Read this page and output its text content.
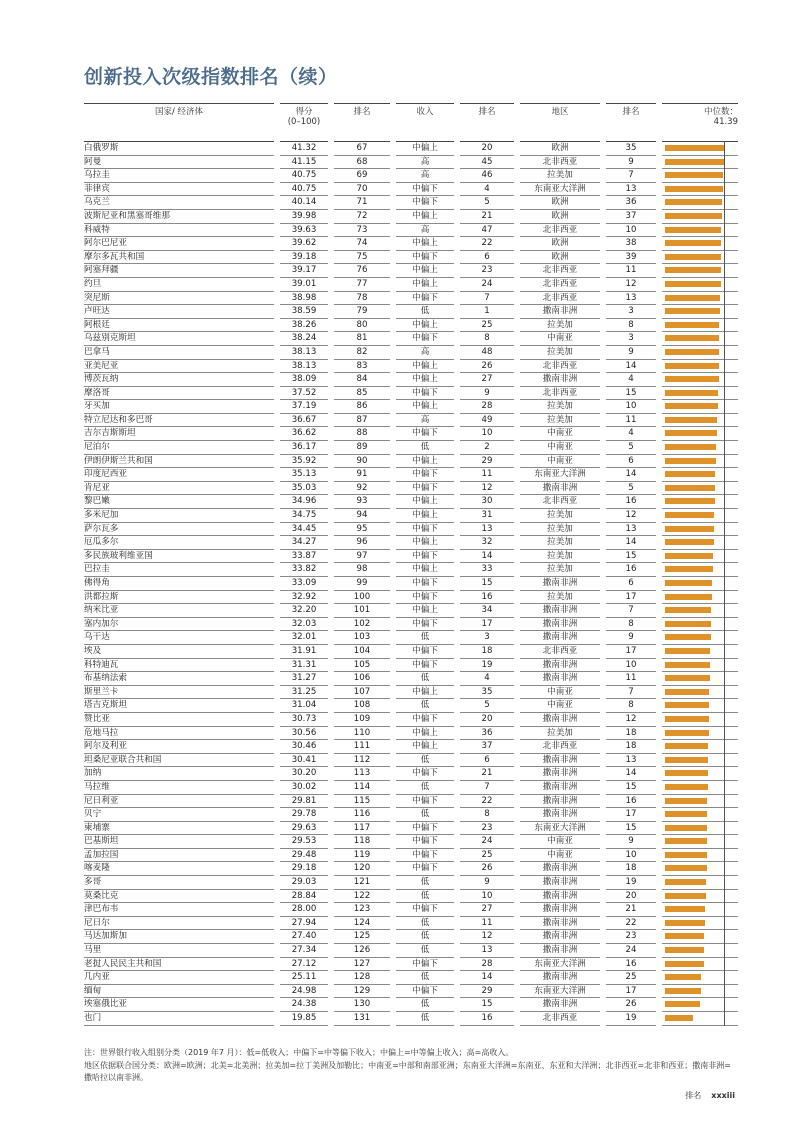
创新投入次级指数排名（续）
国家/ 经济体	得分
(0–100)	排名	收入	排名	地区	排名	中位数：
41.39
白俄罗斯	41.32	67	中偏上	20	欧洲	35	

阿曼	41.15	68	高	45	北非西亚	9	

乌拉圭	40.75	69	高	46	拉美加	7	

菲律宾	40.75	70	中偏下	4	东南亚大洋洲	13	

乌克兰	40.14	71	中偏下	5	欧洲	36	

波斯尼亚和黑塞哥维那	39.98	72	中偏上	21	欧洲	37	

科威特	39.63	73	高	47	北非西亚	10	

阿尔巴尼亚	39.62	74	中偏上	22	欧洲	38	

摩尔多瓦共和国	39.18	75	中偏下	6	欧洲	39	

阿塞拜疆	39.17	76	中偏上	23	北非西亚	11	

约旦	39.01	77	中偏上	24	北非西亚	12	

突尼斯	38.98	78	中偏下	7	北非西亚	13	

卢旺达	38.59	79	低	1	撒南非洲	3	

阿根廷	38.26	80	中偏上	25	拉美加	8	

乌兹别克斯坦	38.24	81	中偏下	8	中南亚	3	

巴拿马	38.13	82	高	48	拉美加	9	

亚美尼亚	38.13	83	中偏上	26	北非西亚	14	

博茨瓦纳	38.09	84	中偏上	27	撒南非洲	4	

摩洛哥	37.52	85	中偏下	9	北非西亚	15	

牙买加	37.19	86	中偏上	28	拉美加	10	

特立尼达和多巴哥	36.67	87	高	49	拉美加	11	

吉尔吉斯斯坦	36.62	88	中偏下	10	中南亚	4	

尼泊尔	36.17	89	低	2	中南亚	5	

伊朗伊斯兰共和国	35.92	90	中偏上	29	中南亚	6	

印度尼西亚	35.13	91	中偏下	11	东南亚大洋洲	14	

肯尼亚	35.03	92	中偏下	12	撒南非洲	5	

黎巴嫩	34.96	93	中偏上	30	北非西亚	16	

多米尼加	34.75	94	中偏上	31	拉美加	12	

萨尔瓦多	34.45	95	中偏下	13	拉美加	13	

厄瓜多尔	34.27	96	中偏上	32	拉美加	14	

多民族玻利维亚国	33.87	97	中偏下	14	拉美加	15	

巴拉圭	33.82	98	中偏上	33	拉美加	16	

佛得角	33.09	99	中偏下	15	撒南非洲	6	

洪都拉斯	32.92	100	中偏下	16	拉美加	17	

纳米比亚	32.20	101	中偏上	34	撒南非洲	7	

塞内加尔	32.03	102	中偏下	17	撒南非洲	8	

乌干达	32.01	103	低	3	撒南非洲	9	

埃及	31.91	104	中偏下	18	北非西亚	17	

科特迪瓦	31.31	105	中偏下	19	撒南非洲	10	

布基纳法索	31.27	106	低	4	撒南非洲	11	

斯里兰卡	31.25	107	中偏上	35	中南亚	7	

塔吉克斯坦	31.04	108	低	5	中南亚	8	

赞比亚	30.73	109	中偏下	20	撒南非洲	12	

危地马拉	30.56	110	中偏上	36	拉美加	18	

阿尔及利亚	30.46	111	中偏上	37	北非西亚	18	

坦桑尼亚联合共和国	30.41	112	低	6	撒南非洲	13	

加纳	30.20	113	中偏下	21	撒南非洲	14	

马拉维	30.02	114	低	7	撒南非洲	15	

尼日利亚	29.81	115	中偏下	22	撒南非洲	16	

贝宁	29.78	116	低	8	撒南非洲	17	

柬埔寨	29.63	117	中偏下	23	东南亚大洋洲	15	

巴基斯坦	29.53	118	中偏下	24	中南亚	9	

孟加拉国	29.48	119	中偏下	25	中南亚	10	

喀麦隆	29.18	120	中偏下	26	撒南非洲	18	

多哥	29.03	121	低	9	撒南非洲	19	

莫桑比克	28.84	122	低	10	撒南非洲	20	

津巴布韦	28.00	123	中偏下	27	撒南非洲	21	

尼日尔	27.94	124	低	11	撒南非洲	22	

马达加斯加	27.40	125	低	12	撒南非洲	23	

马里	27.34	126	低	13	撒南非洲	24	

老挝人民民主共和国	27.12	127	中偏下	28	东南亚大洋洲	16	

几内亚	25.11	128	低	14	撒南非洲	25	

缅甸	24.98	129	中偏下	29	东南亚大洋洲	17	

埃塞俄比亚	24.38	130	低	15	撒南非洲	26	

也门	19.85	131	低	16	北非西亚	19	

注：世界银行收入组别分类（2019 年7 月）：低=低收入；中偏下=中等偏下收入；中偏上=中等偏上收入；高=高收入。

地区依据联合国分类：欧洲=欧洲；北美=北美洲；拉美加=拉丁美洲及加勒比；中南亚=中部和南部亚洲；东南亚大洋洲=东南亚、东亚和大洋洲；北非西亚=北非和西亚；撒南非洲=撒哈拉以南非洲。

排名 xxxiii
